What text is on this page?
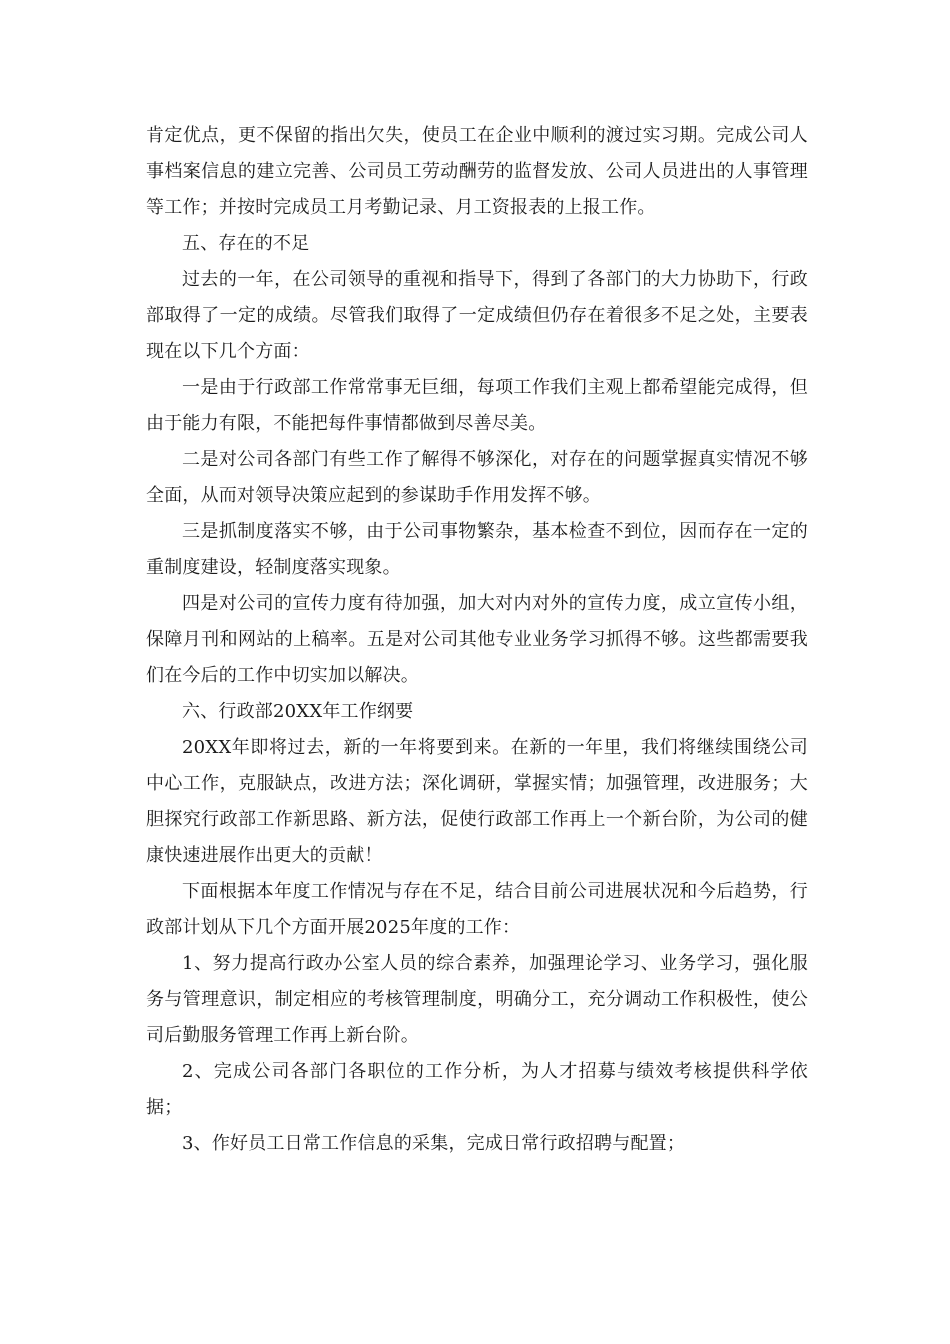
肯定优点，更不保留的指出欠失，使员工在企业中顺利的渡过实习期。完成公司人事档案信息的建立完善、公司员工劳动酬劳的监督发放、公司人员进出的人事管理等工作；并按时完成员工月考勤记录、月工资报表的上报工作。

五、存在的不足

过去的一年，在公司领导的重视和指导下，得到了各部门的大力协助下，行政部取得了一定的成绩。尽管我们取得了一定成绩但仍存在着很多不足之处，主要表现在以下几个方面：

一是由于行政部工作常常事无巨细，每项工作我们主观上都希望能完成得，但由于能力有限，不能把每件事情都做到尽善尽美。

二是对公司各部门有些工作了解得不够深化，对存在的问题掌握真实情况不够全面，从而对领导决策应起到的参谋助手作用发挥不够。

三是抓制度落实不够，由于公司事物繁杂，基本检查不到位，因而存在一定的重制度建设，轻制度落实现象。

四是对公司的宣传力度有待加强，加大对内对外的宣传力度，成立宣传小组，保障月刊和网站的上稿率。五是对公司其他专业业务学习抓得不够。这些都需要我们在今后的工作中切实加以解决。

六、行政部20XX年工作纲要

20XX年即将过去，新的一年将要到来。在新的一年里，我们将继续围绕公司中心工作，克服缺点，改进方法；深化调研，掌握实情；加强管理，改进服务；大胆探究行政部工作新思路、新方法，促使行政部工作再上一个新台阶，为公司的健康快速进展作出更大的贡献！

下面根据本年度工作情况与存在不足，结合目前公司进展状况和今后趋势，行政部计划从下几个方面开展2025年度的工作：

1、努力提高行政办公室人员的综合素养，加强理论学习、业务学习，强化服务与管理意识，制定相应的考核管理制度，明确分工，充分调动工作积极性，使公司后勤服务管理工作再上新台阶。

2、完成公司各部门各职位的工作分析，为人才招募与绩效考核提供科学依据；

3、作好员工日常工作信息的采集，完成日常行政招聘与配置；
